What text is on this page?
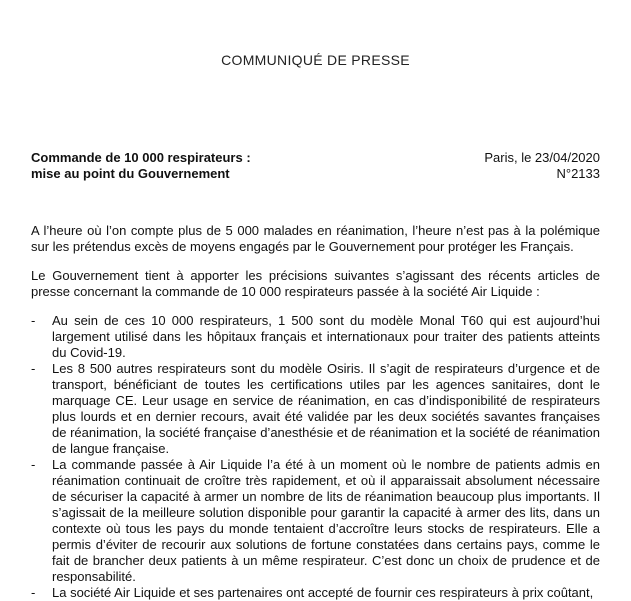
COMMUNIQUÉ DE PRESSE
Commande de 10 000 respirateurs :
mise au point du Gouvernement
Paris, le 23/04/2020
N°2133

A l’heure où l’on compte plus de 5 000 malades en réanimation, l’heure n’est pas à la polémique sur les prétendus excès de moyens engagés par le Gouvernement pour protéger les Français.

Le Gouvernement tient à apporter les précisions suivantes s’agissant des récents articles de presse concernant la commande de 10 000 respirateurs passée à la société Air Liquide :

- Au sein de ces 10 000 respirateurs, 1 500 sont du modèle Monal T60 qui est aujourd’hui largement utilisé dans les hôpitaux français et internationaux pour traiter des patients atteints du Covid-19.
- Les 8 500 autres respirateurs sont du modèle Osiris. Il s’agit de respirateurs d’urgence et de transport, bénéficiant de toutes les certifications utiles par les agences sanitaires, dont le marquage CE. Leur usage en service de réanimation, en cas d’indisponibilité de respirateurs plus lourds et en dernier recours, avait été validée par les deux sociétés savantes françaises de réanimation, la société française d’anesthésie et de réanimation et la société de réanimation de langue française.
- La commande passée à Air Liquide l’a été à un moment où le nombre de patients admis en réanimation continuait de croître très rapidement, et où il apparaissait absolument nécessaire de sécuriser la capacité à armer un nombre de lits de réanimation beaucoup plus importants. Il s’agissait de la meilleure solution disponible pour garantir la capacité à armer des lits, dans un contexte où tous les pays du monde tentaient d’accroître leurs stocks de respirateurs. Elle a permis d’éviter de recourir aux solutions de fortune constatées dans certains pays, comme le fait de brancher deux patients à un même respirateur. C’est donc un choix de prudence et de responsabilité.
- La société Air Liquide et ses partenaires ont accepté de fournir ces respirateurs à prix coûtant,
